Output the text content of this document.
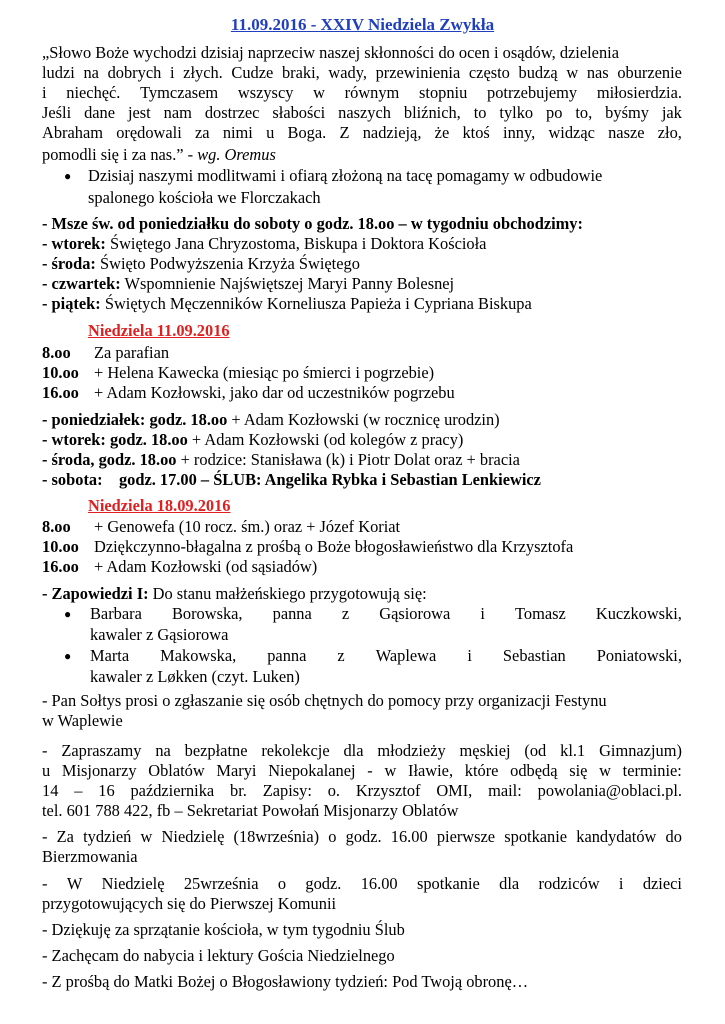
11.09.2016 - XXIV Niedziela Zwykła
„Słowo Boże wychodzi dzisiaj naprzeciw naszej skłonności do ocen i osądów, dzielenia
ludzi na dobrych i złych. Cudze braki, wady, przewinienia często budzą w nas oburzenie
i niechęć. Tymczasem wszyscy w równym stopniu potrzebujemy miłosierdzia.
Jeśli dane jest nam dostrzec słabości naszych bliźnich, to tylko po to, byśmy jak
Abraham orędowali za nimi u Boga. Z nadzieją, że ktoś inny, widząc nasze zło,
pomodli się i za nas.” - wg. Oremus
● Dzisiaj naszymi modlitwami i ofiarą złożoną na tacę pomagamy w odbudowie
spalonego kościoła we Florczakach
- Msze św. od poniedziałku do soboty o godz. 18.oo – w tygodniu obchodzimy:
- wtorek: Świętego Jana Chryzostoma, Biskupa i Doktora Kościoła
- środa: Święto Podwyższenia Krzyża Świętego
- czwartek: Wspomnienie Najświętszej Maryi Panny Bolesnej
- piątek: Świętych Męczenników Korneliusza Papieża i Cypriana Biskupa
Niedziela 11.09.2016
8.oo Za parafian
10.oo + Helena Kawecka (miesiąc po śmierci i pogrzebie)
16.oo + Adam Kozłowski, jako dar od uczestników pogrzebu
- poniedziałek: godz. 18.oo + Adam Kozłowski (w rocznicę urodzin)
- wtorek: godz. 18.oo + Adam Kozłowski (od kolegów z pracy)
- środa, godz. 18.oo + rodzice: Stanisława (k) i Piotr Dolat oraz + bracia
- sobota:    godz. 17.00 – ŚLUB: Angelika Rybka i Sebastian Lenkiewicz
Niedziela 18.09.2016
8.oo + Genowefa (10 rocz. śm.) oraz + Józef Koriat
10.oo Dziękczynno-błagalna z prośbą o Boże błogosławieństwo dla Krzysztofa
16.oo + Adam Kozłowski (od sąsiadów)
- Zapowiedzi I: Do stanu małżeńskiego przygotowują się:
● Barbara Borowska, panna z Gąsiorowa i Tomasz Kuczkowski,
kawaler z Gąsiorowa
● Marta Makowska, panna z Waplewa i Sebastian Poniatowski,
kawaler z Løkken (czyt. Luken)
- Pan Sołtys prosi o zgłaszanie się osób chętnych do pomocy przy organizacji Festynu
w Waplewie
- Zapraszamy na bezpłatne rekolekcje dla młodzieży męskiej (od kl.1 Gimnazjum)
u Misjonarzy Oblatów Maryi Niepokalanej - w Iławie, które odbędą się w terminie:
14 – 16 października br. Zapisy: o. Krzysztof OMI, mail: powolania@oblaci.pl.
tel. 601 788 422, fb – Sekretariat Powołań Misjonarzy Oblatów
- Za tydzień w Niedzielę (18września) o godz. 16.00 pierwsze spotkanie kandydatów do
Bierzmowania
- W Niedzielę 25września o godz. 16.00 spotkanie dla rodziców i dzieci
przygotowujących się do Pierwszej Komunii
- Dziękuję za sprzątanie kościoła, w tym tygodniu Ślub
- Zachęcam do nabycia i lektury Gościa Niedzielnego
- Z prośbą do Matki Bożej o Błogosławiony tydzień: Pod Twoją obronę…
